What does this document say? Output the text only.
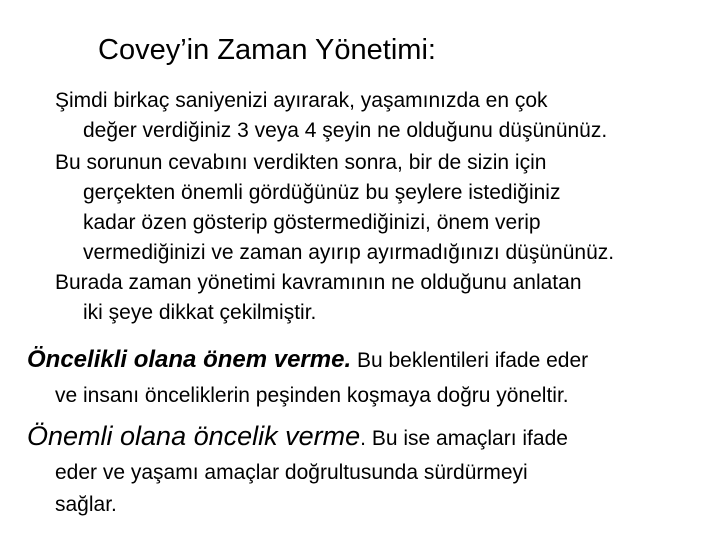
Covey’in Zaman Yönetimi:
Şimdi birkaç saniyenizi ayırarak, yaşamınızda en çok
değer verdiğiniz 3 veya 4 şeyin ne olduğunu düşününüz.
Bu sorunun cevabını verdikten sonra, bir de sizin için
gerçekten önemli gördüğünüz bu şeylere istediğiniz
kadar özen gösterip göstermediğinizi, önem verip
vermediğinizi ve zaman ayırıp ayırmadığınızı düşününüz.
Burada zaman yönetimi kavramının ne olduğunu anlatan
iki şeye dikkat çekilmiştir.
Öncelikli olana önem verme. Bu beklentileri ifade eder
ve insanı önceliklerin peşinden koşmaya doğru yöneltir.
Önemli olana öncelik verme. Bu ise amaçları ifade
eder ve yaşamı amaçlar doğrultusunda sürdürmeyi
sağlar.
